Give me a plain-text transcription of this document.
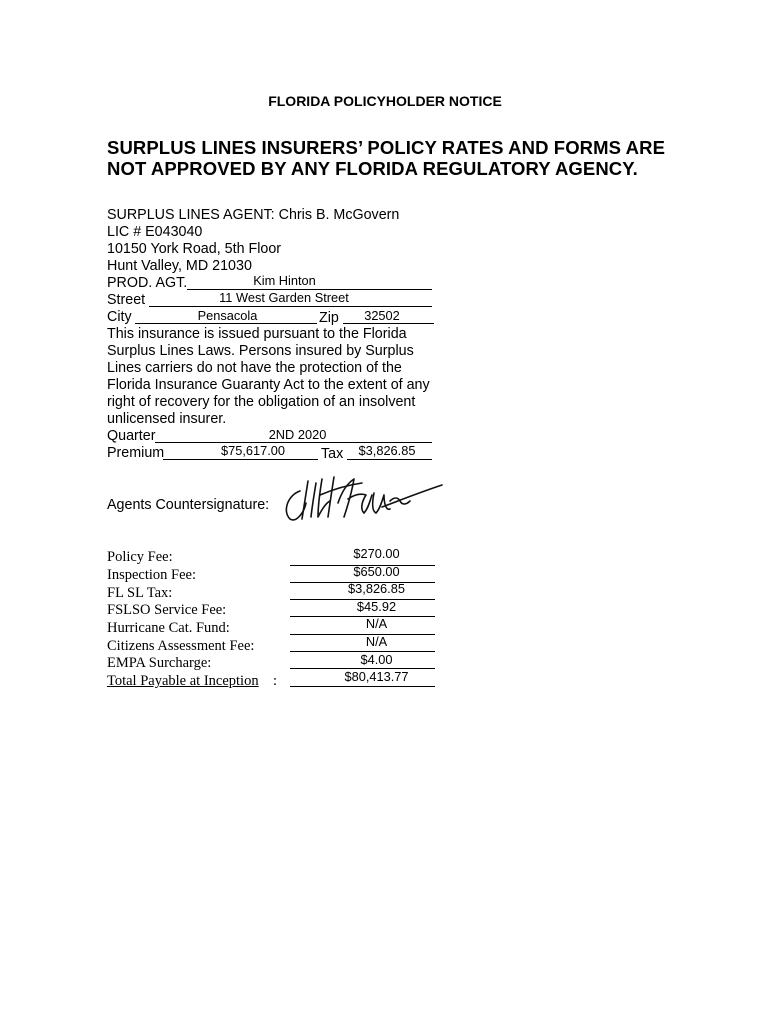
FLORIDA POLICYHOLDER NOTICE
SURPLUS LINES INSURERS’ POLICY RATES AND FORMS ARE
NOT APPROVED BY ANY FLORIDA REGULATORY AGENCY.
SURPLUS LINES AGENT: Chris B. McGovern
LIC # E043040
10150 York Road, 5th Floor
Hunt Valley, MD 21030
PROD. AGT.	Kim Hinton
Street	11 West Garden Street
City	Pensacola	Zip	32502
This insurance is issued pursuant to the Florida Surplus Lines Laws. Persons insured by Surplus Lines carriers do not have the protection of the Florida Insurance Guaranty Act to the extent of any right of recovery for the obligation of an insolvent unlicensed insurer.
Quarter	2ND 2020
Premium	$75,617.00	Tax	$3,826.85
Agents Countersignature:
Policy Fee:	$270.00
Inspection Fee:	$650.00
FL SL Tax:	$3,826.85
FSLSO Service Fee:	$45.92
Hurricane Cat. Fund:	N/A
Citizens Assessment Fee:	N/A
EMPA Surcharge:	$4.00
Total Payable at Inception :	$80,413.77
